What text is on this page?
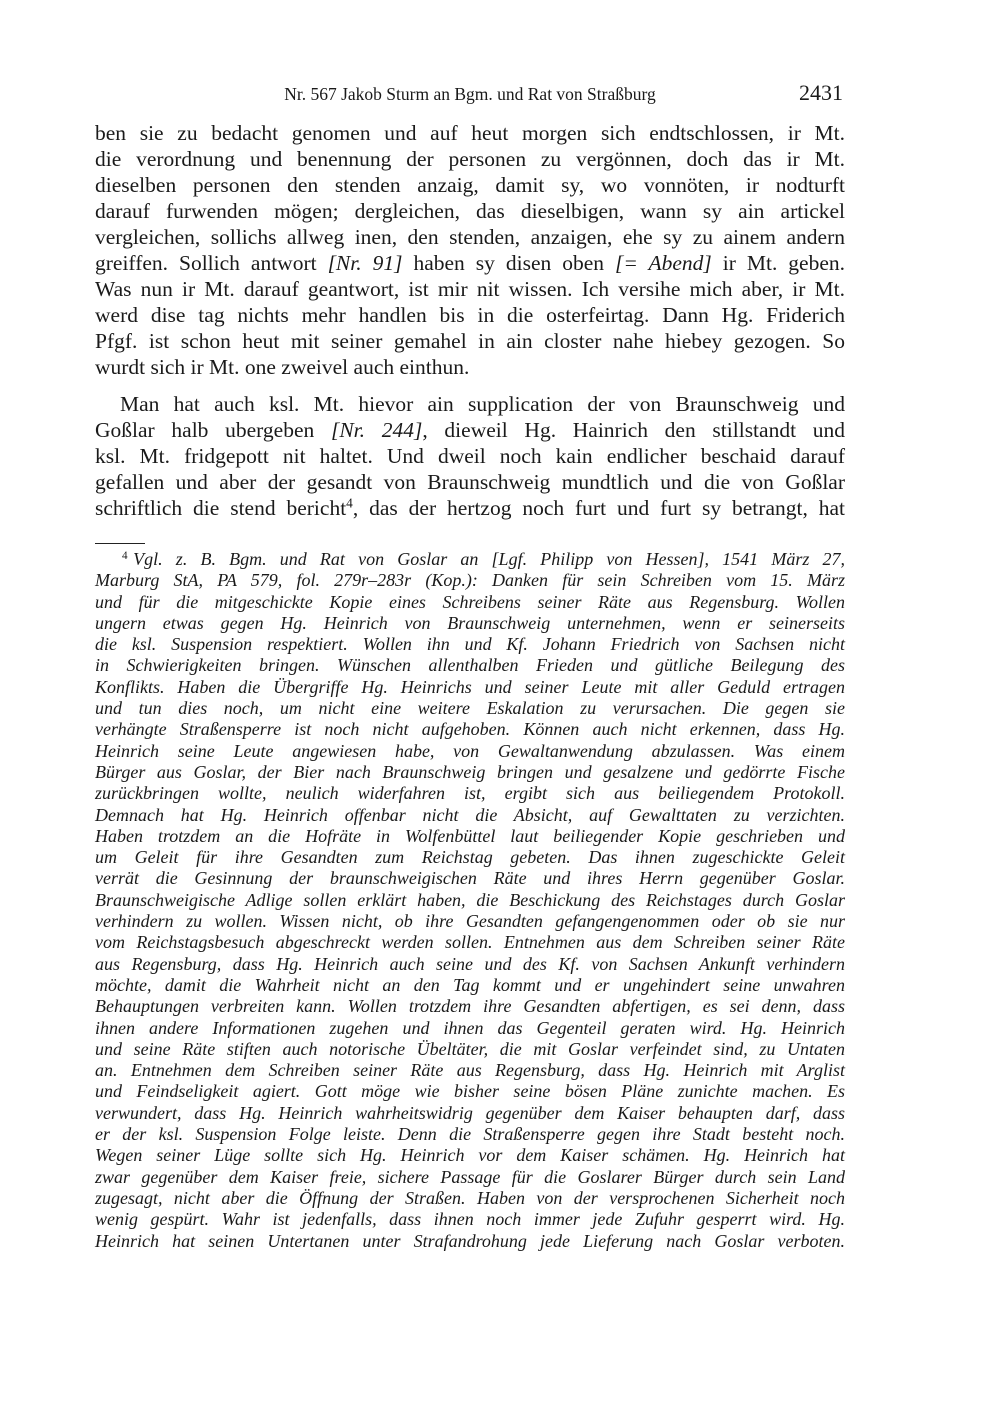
Nr. 567 Jakob Sturm an Bgm. und Rat von Straßburg	2431
ben sie zu bedacht genomen und auf heut morgen sich endtschlossen, ir Mt.
die verordnung und benennung der personen zu vergönnen, doch das ir Mt.
dieselben personen den stenden anzaig, damit sy, wo vonnöten, ir nodturft
darauf furwenden mögen; dergleichen, das dieselbigen, wann sy ain artickel
vergleichen, sollichs allweg inen, den stenden, anzaigen, ehe sy zu ainem andern
greiffen. Sollich antwort [Nr. 91] haben sy disen oben [= Abend] ir Mt. geben.
Was nun ir Mt. darauf geantwort, ist mir nit wissen. Ich versihe mich aber, ir Mt.
werd dise tag nichts mehr handlen bis in die osterfeirtag. Dann Hg. Friderich
Pfgf. ist schon heut mit seiner gemahel in ain closter nahe hiebey gezogen. So
wurdt sich ir Mt. one zweivel auch einthun.
Man hat auch ksl. Mt. hievor ain supplication der von Braunschweig und
Goßlar halb ubergeben [Nr. 244], dieweil Hg. Hainrich den stillstandt und
ksl. Mt. fridgepott nit haltet. Und dweil noch kain endlicher beschaid darauf
gefallen und aber der gesandt von Braunschweig mundtlich und die von Goßlar
schriftlich die stend bericht$^4$, das der hertzog noch furt und furt sy betrangt, hat
$^4$ Vgl. z. B. Bgm. und Rat von Goslar an [Lgf. Philipp von Hessen], 1541 März 27,
Marburg StA, PA 579, fol. 279r–283r (Kop.): Danken für sein Schreiben vom 15. März
und für die mitgeschickte Kopie eines Schreibens seiner Räte aus Regensburg. Wollen
ungern etwas gegen Hg. Heinrich von Braunschweig unternehmen, wenn er seinerseits
die ksl. Suspension respektiert. Wollen ihn und Kf. Johann Friedrich von Sachsen nicht
in Schwierigkeiten bringen. Wünschen allenthalben Frieden und gütliche Beilegung des
Konflikts. Haben die Übergriffe Hg. Heinrichs und seiner Leute mit aller Geduld ertragen
und tun dies noch, um nicht eine weitere Eskalation zu verursachen. Die gegen sie
verhängte Straßensperre ist noch nicht aufgehoben. Können auch nicht erkennen, dass Hg.
Heinrich seine Leute angewiesen habe, von Gewaltanwendung abzulassen. Was einem
Bürger aus Goslar, der Bier nach Braunschweig bringen und gesalzene und gedörrte Fische
zurückbringen wollte, neulich widerfahren ist, ergibt sich aus beiliegendem Protokoll.
Demnach hat Hg. Heinrich offenbar nicht die Absicht, auf Gewalttaten zu verzichten.
Haben trotzdem an die Hofräte in Wolfenbüttel laut beiliegender Kopie geschrieben und
um Geleit für ihre Gesandten zum Reichstag gebeten. Das ihnen zugeschickte Geleit
verrät die Gesinnung der braunschweigischen Räte und ihres Herrn gegenüber Goslar.
Braunschweigische Adlige sollen erklärt haben, die Beschickung des Reichstages durch Goslar
verhindern zu wollen. Wissen nicht, ob ihre Gesandten gefangengenommen oder ob sie nur
vom Reichstagsbesuch abgeschreckt werden sollen. Entnehmen aus dem Schreiben seiner Räte
aus Regensburg, dass Hg. Heinrich auch seine und des Kf. von Sachsen Ankunft verhindern
möchte, damit die Wahrheit nicht an den Tag kommt und er ungehindert seine unwahren
Behauptungen verbreiten kann. Wollen trotzdem ihre Gesandten abfertigen, es sei denn, dass
ihnen andere Informationen zugehen und ihnen das Gegenteil geraten wird. Hg. Heinrich
und seine Räte stiften auch notorische Übeltäter, die mit Goslar verfeindet sind, zu Untaten
an. Entnehmen dem Schreiben seiner Räte aus Regensburg, dass Hg. Heinrich mit Arglist
und Feindseligkeit agiert. Gott möge wie bisher seine bösen Pläne zunichte machen. Es
verwundert, dass Hg. Heinrich wahrheitswidrig gegenüber dem Kaiser behaupten darf, dass
er der ksl. Suspension Folge leiste. Denn die Straßensperre gegen ihre Stadt besteht noch.
Wegen seiner Lüge sollte sich Hg. Heinrich vor dem Kaiser schämen. Hg. Heinrich hat
zwar gegenüber dem Kaiser freie, sichere Passage für die Goslarer Bürger durch sein Land
zugesagt, nicht aber die Öffnung der Straßen. Haben von der versprochenen Sicherheit noch
wenig gespürt. Wahr ist jedenfalls, dass ihnen noch immer jede Zufuhr gesperrt wird. Hg.
Heinrich hat seinen Untertanen unter Strafandrohung jede Lieferung nach Goslar verboten.
